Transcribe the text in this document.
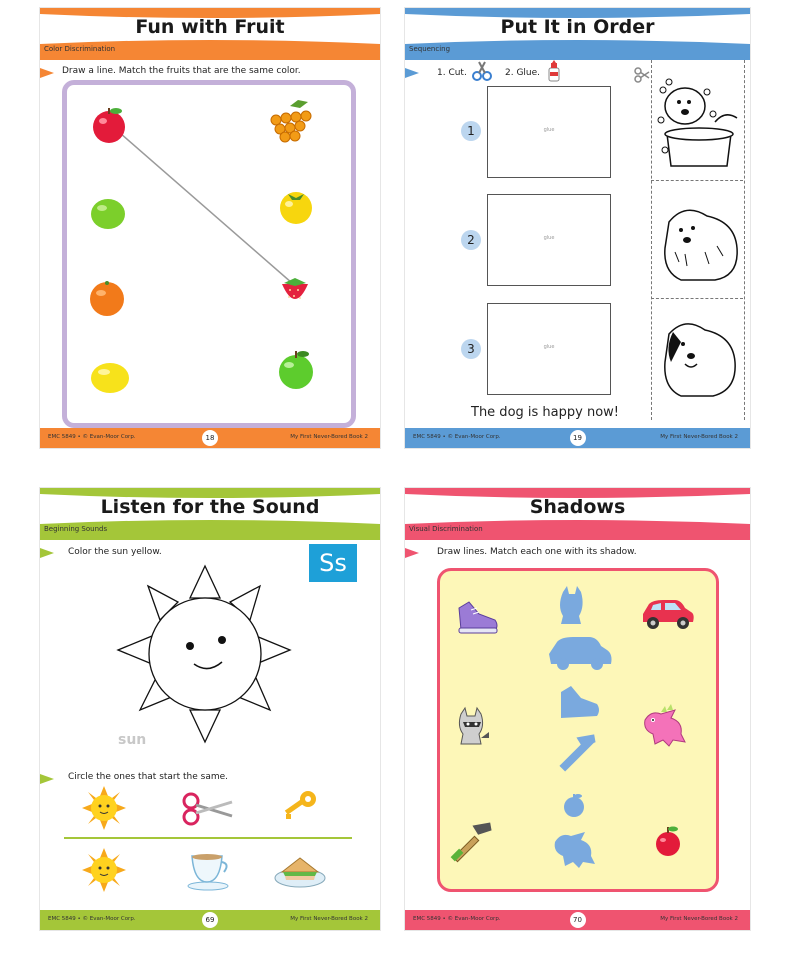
Fun with Fruit
Color Discrimination
Draw a line. Match the fruits that are the same color.
EMC 5849 • © Evan-Moor Corp.	18	My First Never-Bored Book 2
Put It in Order
Sequencing
1. Cut.	2. Glue.
1	glue
2	glue
3	glue
The dog is happy now!
EMC 5849 • © Evan-Moor Corp.	19	My First Never-Bored Book 2
Listen for the Sound
Beginning Sounds
Color the sun yellow.	Ss
sun
Circle the ones that start the same.
EMC 5849 • © Evan-Moor Corp.	69	My First Never-Bored Book 2
Shadows
Visual Discrimination
Draw lines. Match each one with its shadow.
EMC 5849 • © Evan-Moor Corp.	70	My First Never-Bored Book 2
